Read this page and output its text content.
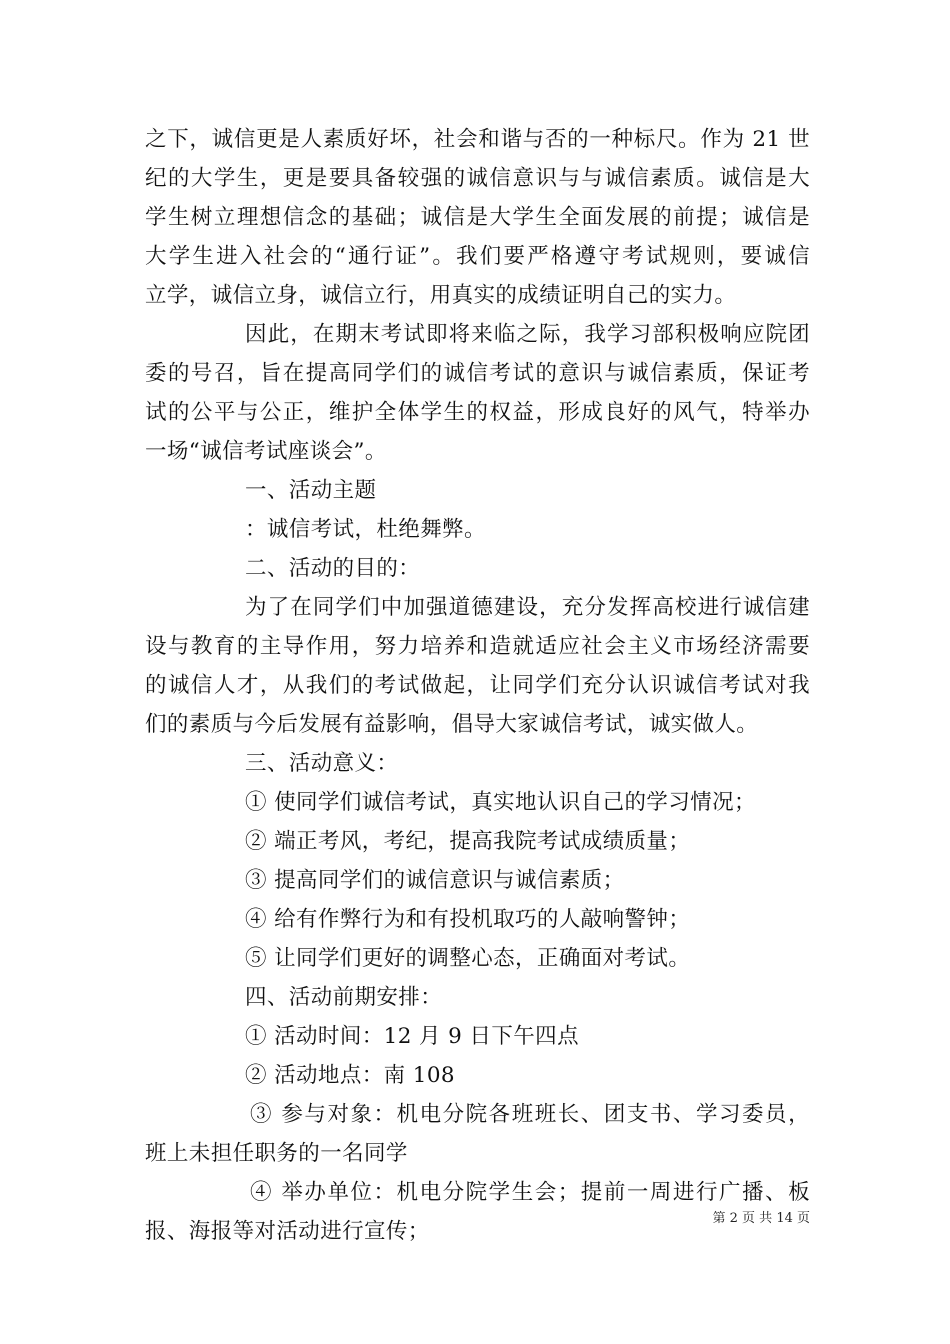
之下，诚信更是人素质好坏，社会和谐与否的一种标尺。作为 21 世

纪的大学生，更是要具备较强的诚信意识与与诚信素质。诚信是大

学生树立理想信念的基础；诚信是大学生全面发展的前提；诚信是

大学生进入社会的“通行证”。我们要严格遵守考试规则，要诚信

立学，诚信立身，诚信立行，用真实的成绩证明自己的实力。

因此，在期末考试即将来临之际，我学习部积极响应院团

委的号召，旨在提高同学们的诚信考试的意识与诚信素质，保证考

试的公平与公正，维护全体学生的权益，形成良好的风气，特举办

一场“诚信考试座谈会”。

一、活动主题

：诚信考试，杜绝舞弊。

二、活动的目的：

为了在同学们中加强道德建设，充分发挥高校进行诚信建

设与教育的主导作用，努力培养和造就适应社会主义市场经济需要

的诚信人才，从我们的考试做起，让同学们充分认识诚信考试对我

们的素质与今后发展有益影响，倡导大家诚信考试，诚实做人。

三、活动意义：

① 使同学们诚信考试，真实地认识自己的学习情况；

② 端正考风，考纪，提高我院考试成绩质量；

③ 提高同学们的诚信意识与诚信素质；

④ 给有作弊行为和有投机取巧的人敲响警钟；

⑤ 让同学们更好的调整心态，正确面对考试。

四、活动前期安排：

① 活动时间：12 月 9 日下午四点

② 活动地点：南 108

③ 参与对象：机电分院各班班长、团支书、学习委员，

班上未担任职务的一名同学

④ 举办单位：机电分院学生会；提前一周进行广播、板

报、海报等对活动进行宣传；

第 2 页 共 14 页
